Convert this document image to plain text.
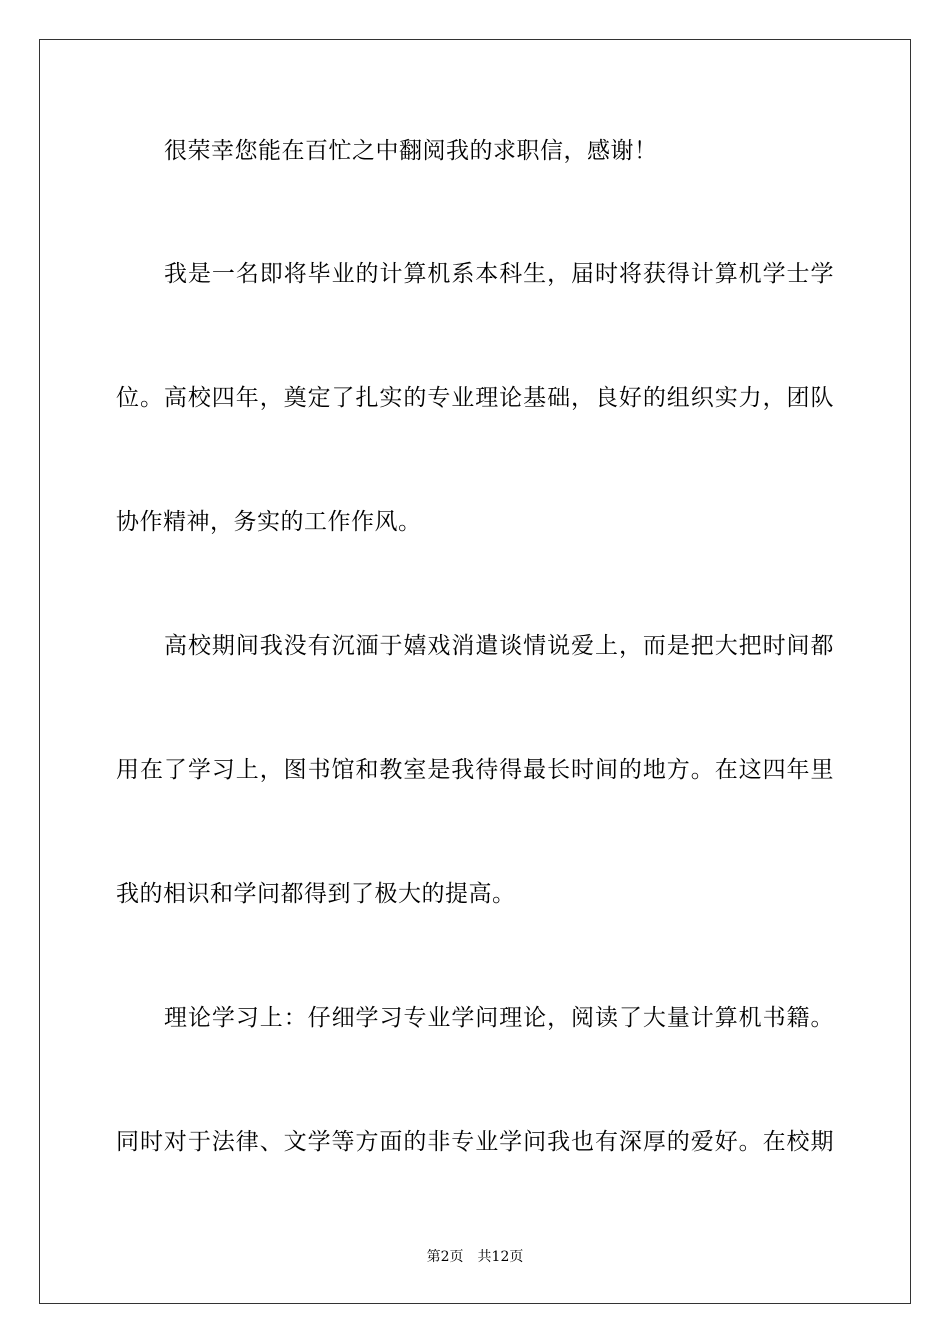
很荣幸您能在百忙之中翻阅我的求职信，感谢！
我是一名即将毕业的计算机系本科生，届时将获得计算机学士学
位。高校四年，奠定了扎实的专业理论基础，良好的组织实力，团队
协作精神，务实的工作作风。
高校期间我没有沉湎于嬉戏消遣谈情说爱上，而是把大把时间都
用在了学习上，图书馆和教室是我待得最长时间的地方。在这四年里
我的相识和学问都得到了极大的提高。
理论学习上：仔细学习专业学问理论，阅读了大量计算机书籍。
同时对于法律、文学等方面的非专业学问我也有深厚的爱好。在校期
第2页 共12页
